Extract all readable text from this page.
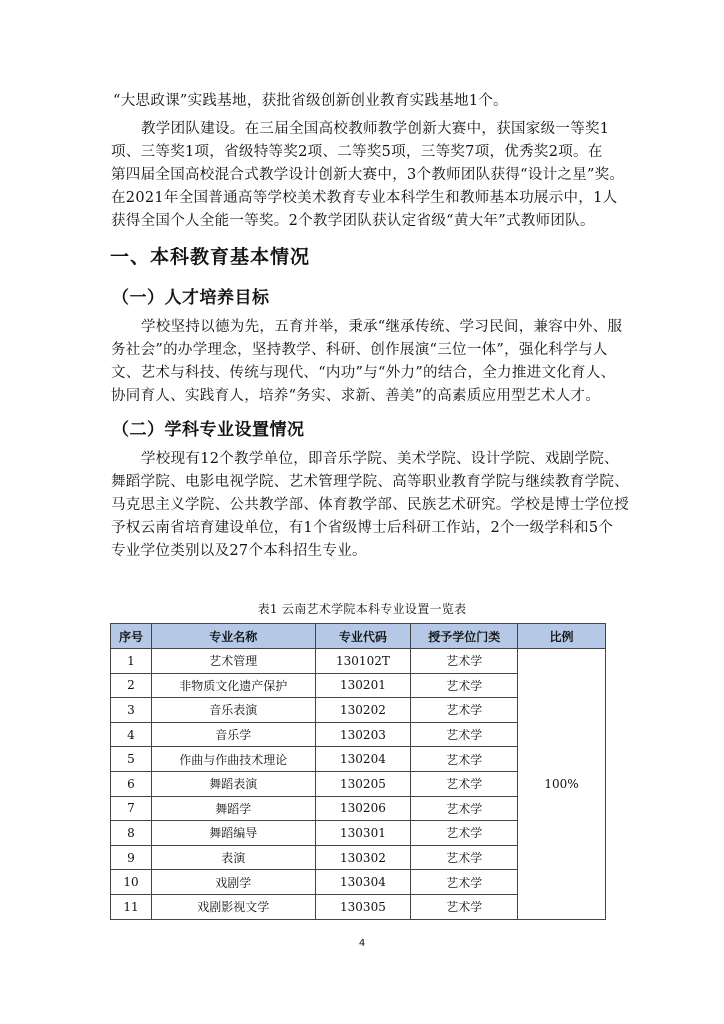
“大思政课”实践基地，获批省级创新创业教育实践基地1个。
教学团队建设。在三届全国高校教师教学创新大赛中，获国家级一等奖1
项、三等奖1项，省级特等奖2项、二等奖5项，三等奖7项，优秀奖2项。在
第四届全国高校混合式教学设计创新大赛中，3个教师团队获得“设计之星”奖。
在2021年全国普通高等学校美术教育专业本科学生和教师基本功展示中，1人
获得全国个人全能一等奖。2个教学团队获认定省级“黄大年”式教师团队。
一、本科教育基本情况
（一）人才培养目标
学校坚持以德为先，五育并举，秉承“继承传统、学习民间，兼容中外、服
务社会”的办学理念，坚持教学、科研、创作展演“三位一体”，强化科学与人
文、艺术与科技、传统与现代、“内功”与“外力”的结合，全力推进文化育人、
协同育人、实践育人，培养“务实、求新、善美”的高素质应用型艺术人才。
（二）学科专业设置情况
学校现有12个教学单位，即音乐学院、美术学院、设计学院、戏剧学院、
舞蹈学院、电影电视学院、艺术管理学院、高等职业教育学院与继续教育学院、
马克思主义学院、公共教学部、体育教学部、民族艺术研究。学校是博士学位授
予权云南省培育建设单位，有1个省级博士后科研工作站，2个一级学科和5个
专业学位类别以及27个本科招生专业。
表1 云南艺术学院本科专业设置一览表
序号	专业名称	专业代码	授予学位门类	比例
1	艺术管理	130102T	艺术学	100%
2	非物质文化遗产保护	130201	艺术学	
3	音乐表演	130202	艺术学	
4	音乐学	130203	艺术学	
5	作曲与作曲技术理论	130204	艺术学	
6	舞蹈表演	130205	艺术学	
7	舞蹈学	130206	艺术学	
8	舞蹈编导	130301	艺术学	
9	表演	130302	艺术学	
10	戏剧学	130304	艺术学	
11	戏剧影视文学	130305	艺术学	
4
